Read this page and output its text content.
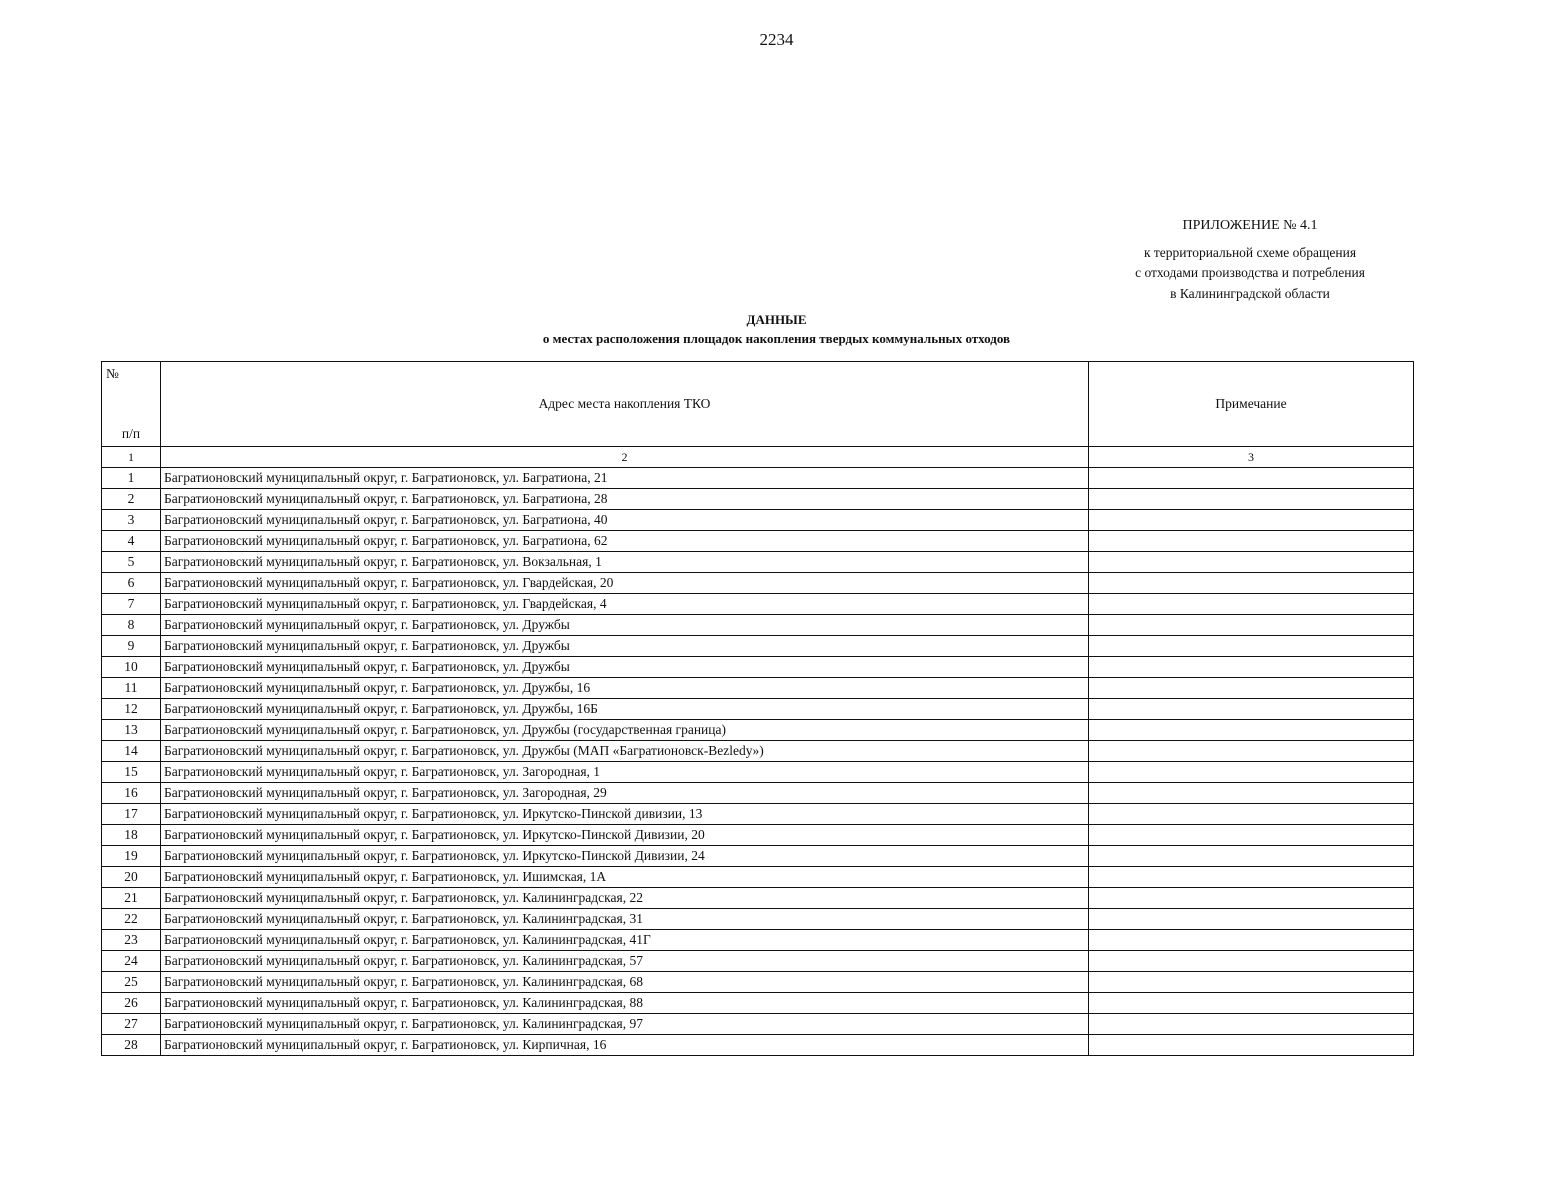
2234
ПРИЛОЖЕНИЕ № 4.1
к территориальной схеме обращения
с отходами производства и потребления
в Калининградской области
ДАННЫЕ
о местах расположения площадок накопления твердых коммунальных отходов
№
п/п	Адрес места накопления ТКО	Примечание
1	2	3
1	Багратионовский муниципальный округ, г. Багратионовск, ул. Багратиона, 21	
2	Багратионовский муниципальный округ, г. Багратионовск, ул. Багратиона, 28	
3	Багратионовский муниципальный округ, г. Багратионовск, ул. Багратиона, 40	
4	Багратионовский муниципальный округ, г. Багратионовск, ул. Багратиона, 62	
5	Багратионовский муниципальный округ, г. Багратионовск, ул. Вокзальная, 1	
6	Багратионовский муниципальный округ, г. Багратионовск, ул. Гвардейская, 20	
7	Багратионовский муниципальный округ, г. Багратионовск, ул. Гвардейская, 4	
8	Багратионовский муниципальный округ, г. Багратионовск, ул. Дружбы	
9	Багратионовский муниципальный округ, г. Багратионовск, ул. Дружбы	
10	Багратионовский муниципальный округ, г. Багратионовск, ул. Дружбы	
11	Багратионовский муниципальный округ, г. Багратионовск, ул. Дружбы, 16	
12	Багратионовский муниципальный округ, г. Багратионовск, ул. Дружбы, 16Б	
13	Багратионовский муниципальный округ, г. Багратионовск, ул. Дружбы (государственная граница)	
14	Багратионовский муниципальный округ, г. Багратионовск, ул. Дружбы (МАП «Багратионовск-Bezledy»)	
15	Багратионовский муниципальный округ, г. Багратионовск, ул. Загородная, 1	
16	Багратионовский муниципальный округ, г. Багратионовск, ул. Загородная, 29	
17	Багратионовский муниципальный округ, г. Багратионовск, ул. Иркутско-Пинской дивизии, 13	
18	Багратионовский муниципальный округ, г. Багратионовск, ул. Иркутско-Пинской Дивизии, 20	
19	Багратионовский муниципальный округ, г. Багратионовск, ул. Иркутско-Пинской Дивизии, 24	
20	Багратионовский муниципальный округ, г. Багратионовск, ул. Ишимская, 1А	
21	Багратионовский муниципальный округ, г. Багратионовск, ул. Калининградская, 22	
22	Багратионовский муниципальный округ, г. Багратионовск, ул. Калининградская, 31	
23	Багратионовский муниципальный округ, г. Багратионовск, ул. Калининградская, 41Г	
24	Багратионовский муниципальный округ, г. Багратионовск, ул. Калининградская, 57	
25	Багратионовский муниципальный округ, г. Багратионовск, ул. Калининградская, 68	
26	Багратионовский муниципальный округ, г. Багратионовск, ул. Калининградская, 88	
27	Багратионовский муниципальный округ, г. Багратионовск, ул. Калининградская, 97	
28	Багратионовский муниципальный округ, г. Багратионовск, ул. Кирпичная, 16	
